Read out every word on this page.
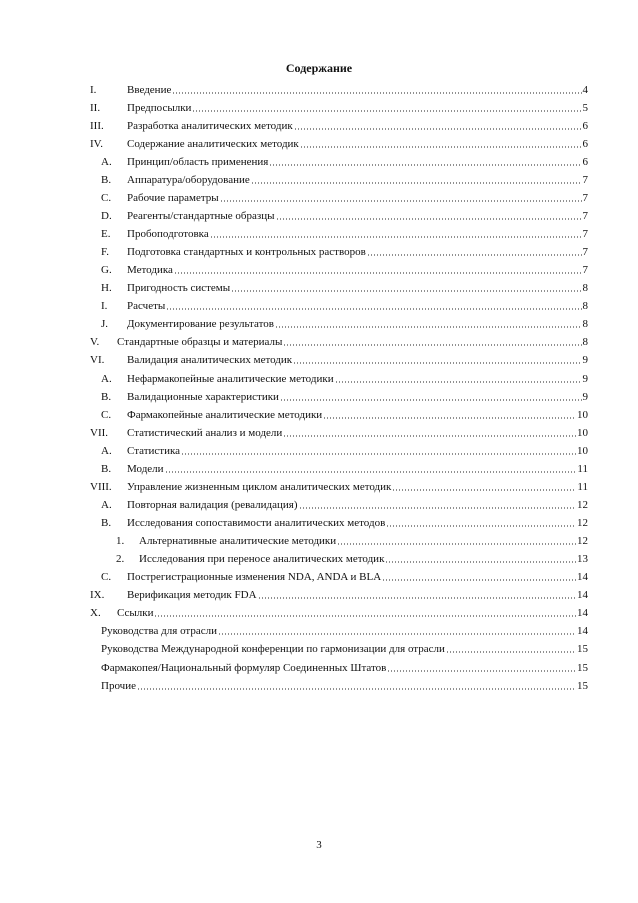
Содержание
I.	Введение	4
II.	Предпосылки	5
III.	Разработка аналитических методик	6
IV.	Содержание аналитических методик	6
A.	Принцип/область применения	6
B.	Аппаратура/оборудование	7
C.	Рабочие параметры	7
D.	Реагенты/стандартные образцы	7
E.	Пробоподготовка	7
F.	Подготовка стандартных и контрольных растворов	7
G.	Методика	7
H.	Пригодность системы	8
I.	Расчеты	8
J.	Документирование результатов	8
V.	Стандартные образцы и материалы	8
VI.	Валидация аналитических методик	9
A.	Нефармакопейные аналитические методики	9
B.	Валидационные характеристики	9
C.	Фармакопейные аналитические методики	10
VII.	Статистический анализ и модели	10
A.	Статистика	10
B.	Модели	11
VIII.	Управление жизненным циклом аналитических методик	11
A.	Повторная валидация (ревалидация)	12
B.	Исследования сопоставимости аналитических методов	12
1.	Альтернативные аналитические методики	12
2.	Исследования при переносе аналитических методик	13
C.	Пострегистрационные изменения NDA, ANDA и BLA	14
IX.	Верификация методик FDA	14
X.	Ссылки	14
Руководства для отрасли	14
Руководства Международной конференции по гармонизации для отрасли	15
Фармакопея/Национальный формуляр Соединенных Штатов	15
Прочие	15
3
